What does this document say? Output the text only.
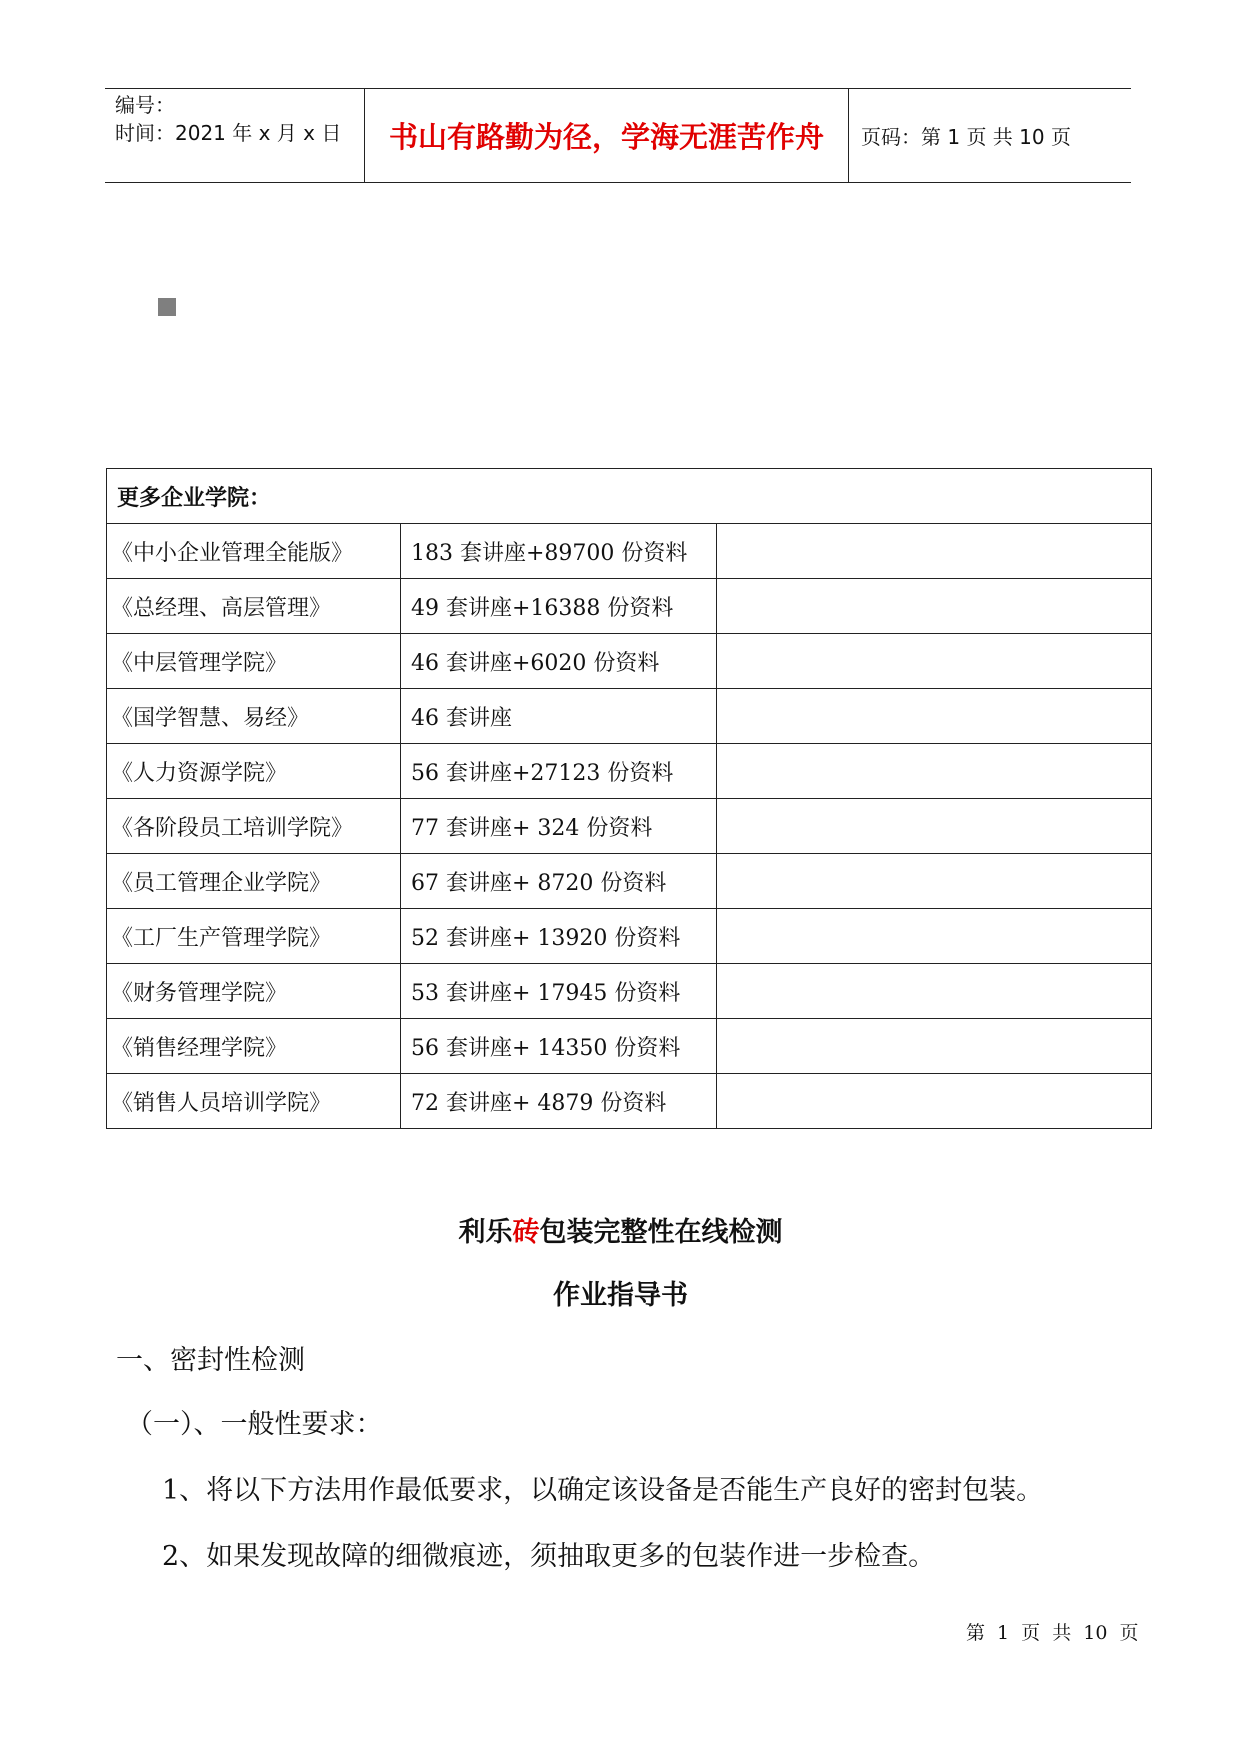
编号：
时间：2021 年 x 月 x 日	书山有路勤为径，学海无涯苦作舟	页码：第 1 页 共 10 页
更多企业学院：		
《中小企业管理全能版》	183 套讲座+89700 份资料	
《总经理、高层管理》	49 套讲座+16388 份资料	
《中层管理学院》	46 套讲座+6020 份资料	
《国学智慧、易经》	46 套讲座	
《人力资源学院》	56 套讲座+27123 份资料	
《各阶段员工培训学院》	77 套讲座+ 324 份资料	
《员工管理企业学院》	67 套讲座+ 8720 份资料	
《工厂生产管理学院》	52 套讲座+ 13920 份资料	
《财务管理学院》	53 套讲座+ 17945 份资料	
《销售经理学院》	56 套讲座+ 14350 份资料	
《销售人员培训学院》	72 套讲座+ 4879 份资料	
利乐砖包装完整性在线检测
作业指导书
一、密封性检测
（一）、一般性要求：
1、将以下方法用作最低要求，以确定该设备是否能生产良好的密封包装。
2、如果发现故障的细微痕迹，须抽取更多的包装作进一步检查。
第 1 页 共 10 页
